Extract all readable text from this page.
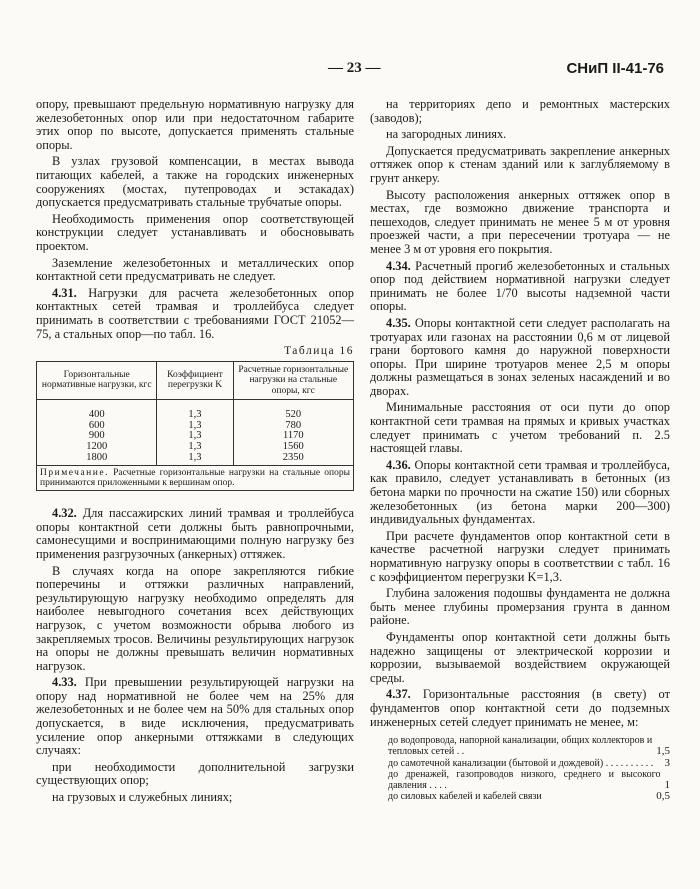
— 23 —	СНиП II-41-76

опору, превышают предельную нормативную нагрузку для железобетонных опор или при недостаточном габарите этих опор по высоте, допускается применять стальные опоры.

В узлах грузовой компенсации, в местах вывода питающих кабелей, а также на городских инженерных сооружениях (мостах, путепроводах и эстакадах) допускается предусматривать стальные трубчатые опоры.

Необходимость применения опор соответствующей конструкции следует устанавливать и обосновывать проектом.

Заземление железобетонных и металлических опор контактной сети предусматривать не следует.

4.31. Нагрузки для расчета железобетонных опор контактных сетей трамвая и троллейбуса следует принимать в соответствии с требованиями ГОСТ 21052—75, а стальных опор—по табл. 16.

Таблица 16
Горизонтальные нормативные нагрузки, кгс	Коэффициент перегрузки K	Расчетные горизонтальные нагрузки на стальные опоры, кгс
400	1,3	520
600	1,3	780
900	1,3	1170
1200	1,3	1560
1800	1,3	2350
Примечание. Расчетные горизонтальные нагрузки на стальные опоры принимаются приложенными к вершинам опор.		

4.32. Для пассажирских линий трамвая и троллейбуса опоры контактной сети должны быть равнопрочными, самонесущими и воспринимающими полную нагрузку без применения разгрузочных (анкерных) оттяжек.

В случаях когда на опоре закрепляются гибкие поперечины и оттяжки различных направлений, результирующую нагрузку необходимо определять для наиболее невыгодного сочетания всех действующих нагрузок, с учетом возможности обрыва любого из закрепляемых тросов. Величины результирующих нагрузок на опоры не должны превышать величин нормативных нагрузок.

4.33. При превышении результирующей нагрузки на опору над нормативной не более чем на 25% для железобетонных и не более чем на 50% для стальных опор допускается, в виде исключения, предусматривать усиление опор анкерными оттяжками в следующих случаях:

при необходимости дополнительной загрузки существующих опор;

на грузовых и служебных линиях;

на территориях депо и ремонтных мастерских (заводов);

на загородных линиях.

Допускается предусматривать закрепление анкерных оттяжек опор к стенам зданий или к заглубляемому в грунт анкеру.

Высоту расположения анкерных оттяжек опор в местах, где возможно движение транспорта и пешеходов, следует принимать не менее 5 м от уровня проезжей части, а при пересечении тротуара — не менее 3 м от уровня его покрытия.

4.34. Расчетный прогиб железобетонных и стальных опор под действием нормативной нагрузки следует принимать не более 1/70 высоты надземной части опоры.

4.35. Опоры контактной сети следует располагать на тротуарах или газонах на расстоянии 0,6 м от лицевой грани бортового камня до наружной поверхности опоры. При ширине тротуаров менее 2,5 м опоры должны размещаться в зонах зеленых насаждений и во дворах.

Минимальные расстояния от оси пути до опор контактной сети трамвая на прямых и кривых участках следует принимать с учетом требований п. 2.5 настоящей главы.

4.36. Опоры контактной сети трамвая и троллейбуса, как правило, следует устанавливать в бетонных (из бетона марки по прочности на сжатие 150) или сборных железобетонных (из бетона марки 200—300) индивидуальных фундаментах.

При расчете фундаментов опор контактной сети в качестве расчетной нагрузки следует принимать нормативную нагрузку опоры в соответствии с табл. 16 с коэффициентом перегрузки K=1,3.

Глубина заложения подошвы фундамента не должна быть менее глубины промерзания грунта в данном районе.

Фундаменты опор контактной сети должны быть надежно защищены от электрической коррозии и коррозии, вызываемой воздействием окружающей среды.

4.37. Горизонтальные расстояния (в свету) от фундаментов опор контактной сети до подземных инженерных сетей следует принимать не менее, м:

до водопровода, напорной канализации, общих коллекторов и тепловых сетей . .	1,5
до самотечной канализации (бытовой и дождевой) . . . . . . . . . .	3
до дренажей, газопроводов низкого, среднего и высокого давления . . . .	1
до силовых кабелей и кабелей связи	0,5
